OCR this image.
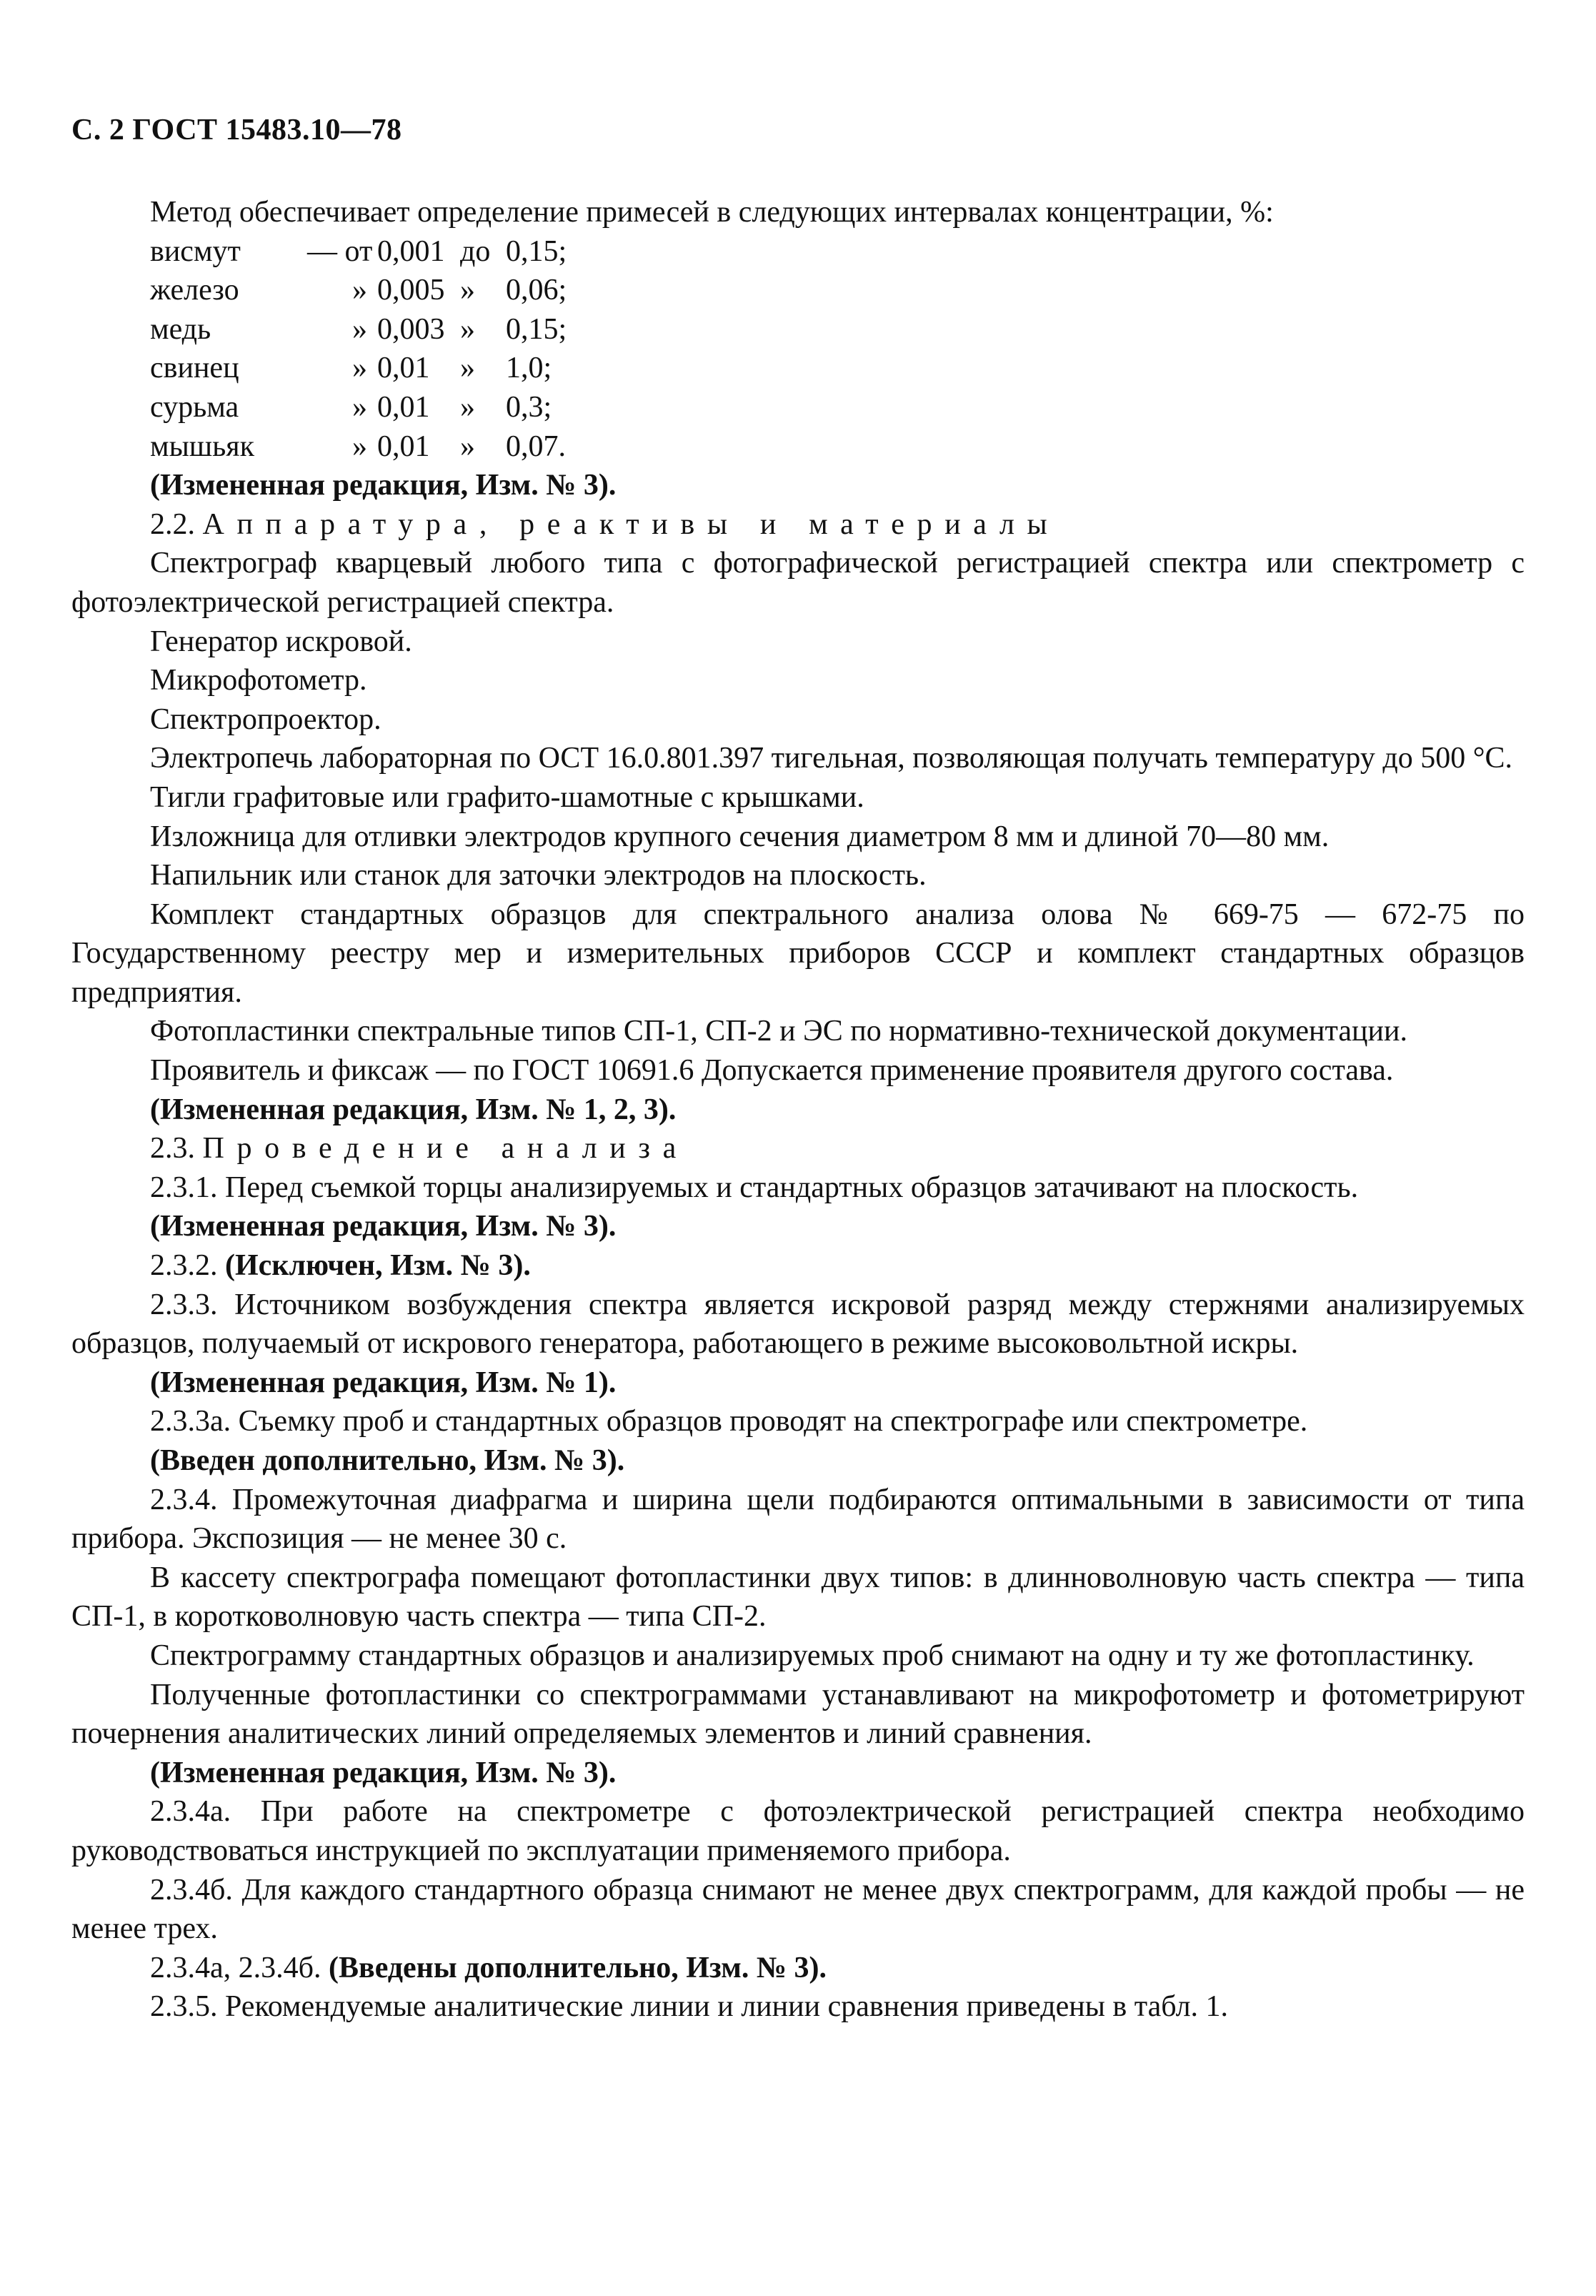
С. 2 ГОСТ 15483.10—78

Метод обеспечивает определение примесей в следующих интервалах концентрации, %:

висмут	— от 0,001 до 0,15;
железо	» 0,005 »	0,06;
медь	» 0,003 »	0,15;
свинец	» 0,01	»	1,0;
сурьма	» 0,01	»	0,3;
мышьяк	» 0,01	»	0,07.

(Измененная редакция, Изм. № 3).

2.2. Аппаратура, реактивы и материалы

Спектрограф кварцевый любого типа с фотографической регистрацией спектра или спектрометр с фотоэлектрической регистрацией спектра.

Генератор искровой.

Микрофотометр.

Спектропроектор.

Электропечь лабораторная по ОСТ 16.0.801.397 тигельная, позволяющая получать температуру до 500 °С.

Тигли графитовые или графито-шамотные с крышками.

Изложница для отливки электродов крупного сечения диаметром 8 мм и длиной 70—80 мм.

Напильник или станок для заточки электродов на плоскость.

Комплект стандартных образцов для спектрального анализа олова № 669-75 — 672-75 по Государственному реестру мер и измерительных приборов СССР и комплект стандартных образцов предприятия.

Фотопластинки спектральные типов СП-1, СП-2 и ЭС по нормативно-технической документации.

Проявитель и фиксаж — по ГОСТ 10691.6 Допускается применение проявителя другого состава.

(Измененная редакция, Изм. № 1, 2, 3).

2.3. Проведение анализа

2.3.1. Перед съемкой торцы анализируемых и стандартных образцов затачивают на плоскость.

(Измененная редакция, Изм. № 3).

2.3.2. (Исключен, Изм. № 3).

2.3.3. Источником возбуждения спектра является искровой разряд между стержнями анализируемых образцов, получаемый от искрового генератора, работающего в режиме высоковольтной искры.

(Измененная редакция, Изм. № 1).

2.3.3а. Съемку проб и стандартных образцов проводят на спектрографе или спектрометре.

(Введен дополнительно, Изм. № 3).

2.3.4. Промежуточная диафрагма и ширина щели подбираются оптимальными в зависимости от типа прибора. Экспозиция — не менее 30 с.

В кассету спектрографа помещают фотопластинки двух типов: в длинноволновую часть спектра — типа СП-1, в коротковолновую часть спектра — типа СП-2.

Спектрограмму стандартных образцов и анализируемых проб снимают на одну и ту же фотопластинку.

Полученные фотопластинки со спектрограммами устанавливают на микрофотометр и фотометрируют почернения аналитических линий определяемых элементов и линий сравнения.

(Измененная редакция, Изм. № 3).

2.3.4а. При работе на спектрометре с фотоэлектрической регистрацией спектра необходимо руководствоваться инструкцией по эксплуатации применяемого прибора.

2.3.4б. Для каждого стандартного образца снимают не менее двух спектрограмм, для каждой пробы — не менее трех.

2.3.4а, 2.3.4б. (Введены дополнительно, Изм. № 3).

2.3.5. Рекомендуемые аналитические линии и линии сравнения приведены в табл. 1.
